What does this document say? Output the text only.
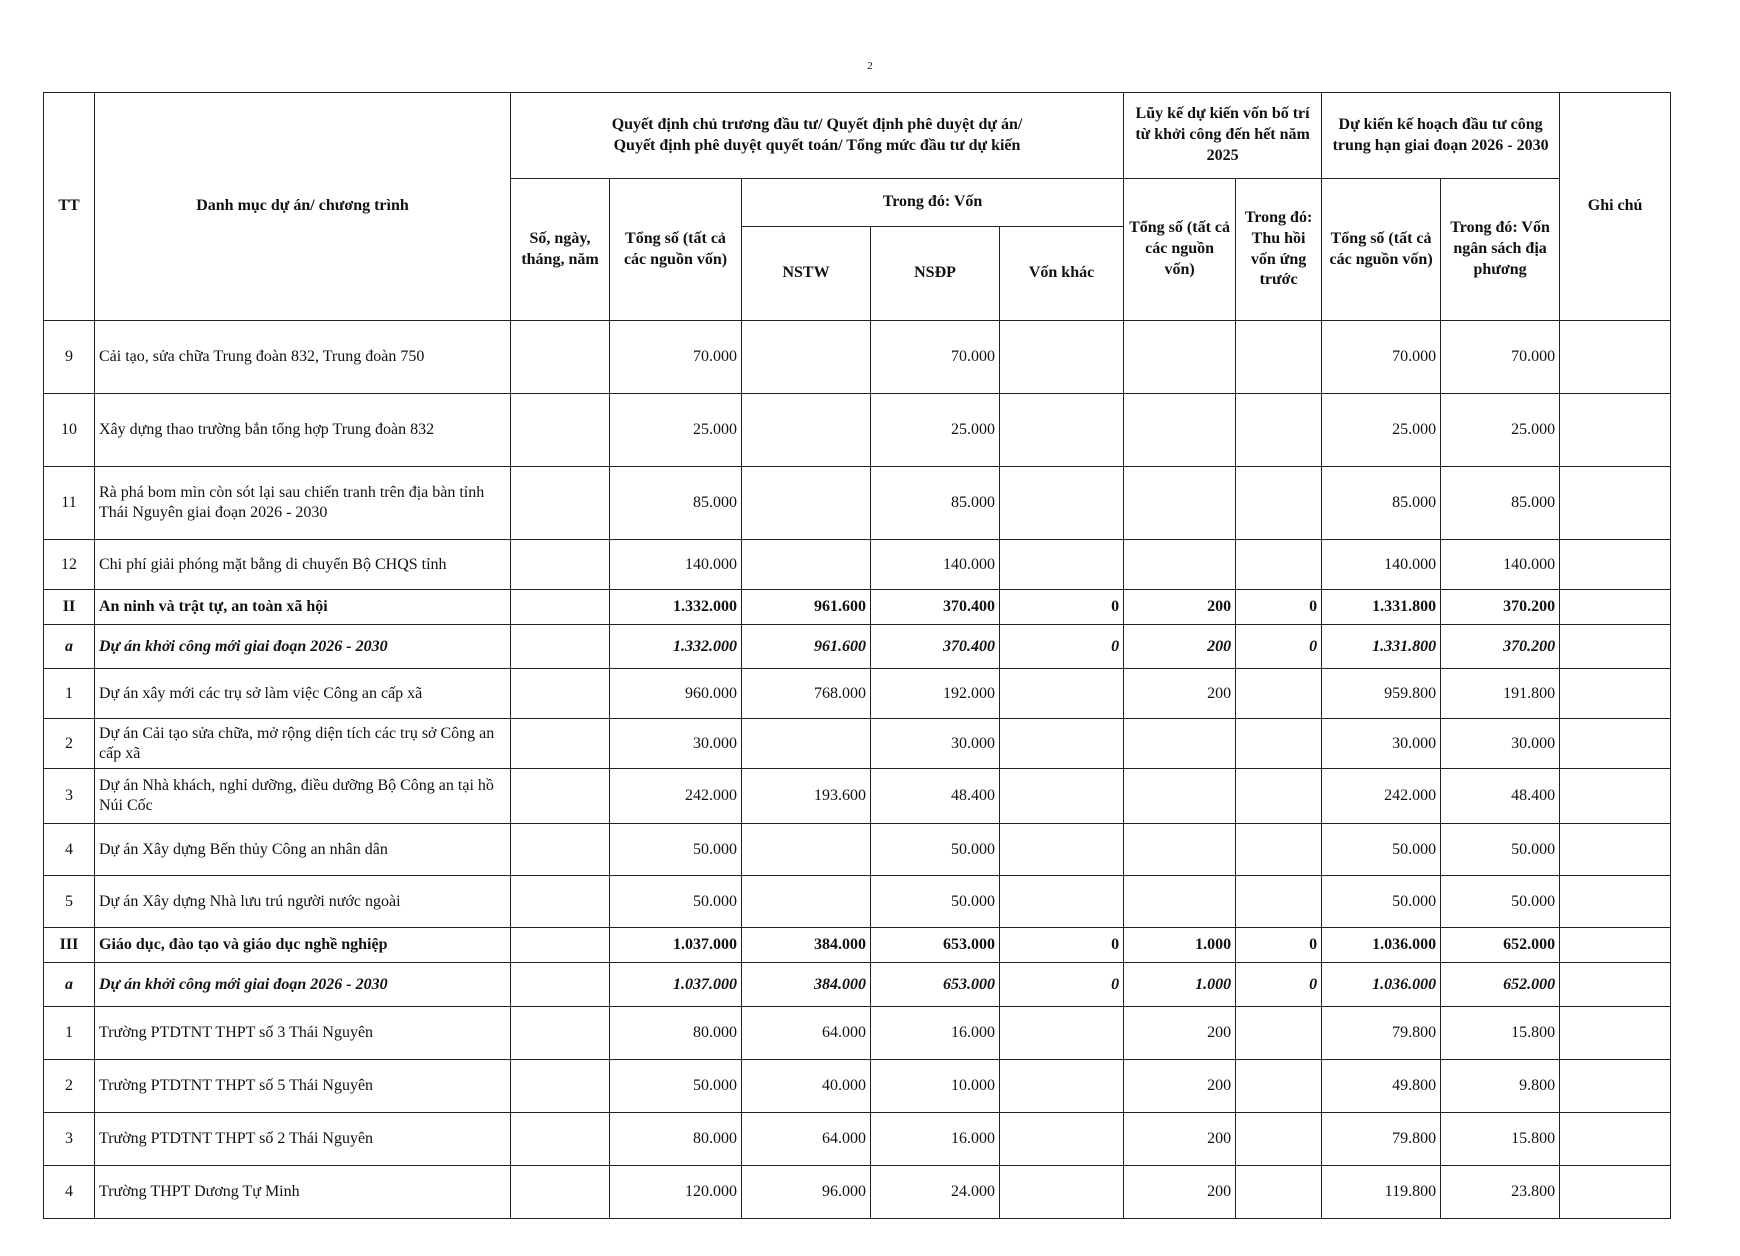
2
TT	Danh mục dự án/ chương trình	Quyết định chủ trương đầu tư/ Quyết định phê duyệt dự án/ Quyết định phê duyệt quyết toán/ Tổng mức đầu tư dự kiến					Lũy kế dự kiến vốn bố trí từ khởi công đến hết năm 2025		Dự kiến kế hoạch đầu tư công trung hạn giai đoạn 2026 - 2030		Ghi chú
		Số, ngày, tháng, năm	Tổng số (tất cả các nguồn vốn)	Trong đó: Vốn			Tổng số (tất cả các nguồn vốn)	Trong đó: Thu hồi vốn ứng trước	Tổng số (tất cả các nguồn vốn)	Trong đó: Vốn ngân sách địa phương	
				NSTW	NSĐP	Vốn khác					
9	Cải tạo, sửa chữa Trung đoàn 832, Trung đoàn 750		70.000		70.000				70.000	70.000	
10	Xây dựng thao trường bắn tổng hợp Trung đoàn 832		25.000		25.000				25.000	25.000	
11	Rà phá bom mìn còn sót lại sau chiến tranh trên địa bàn tỉnh Thái Nguyên giai đoạn 2026 - 2030		85.000		85.000				85.000	85.000	
12	Chi phí giải phóng mặt bằng di chuyển Bộ CHQS tỉnh		140.000		140.000				140.000	140.000	
II	An ninh và trật tự, an toàn xã hội		1.332.000	961.600	370.400	0	200	0	1.331.800	370.200	
a	Dự án khởi công mới giai đoạn 2026 - 2030		1.332.000	961.600	370.400	0	200	0	1.331.800	370.200	
1	Dự án xây mới các trụ sở làm việc Công an cấp xã		960.000	768.000	192.000		200		959.800	191.800	
2	Dự án Cải tạo sửa chữa, mở rộng diện tích các trụ sở Công an cấp xã		30.000		30.000				30.000	30.000	
3	Dự án Nhà khách, nghỉ dưỡng, điều dưỡng Bộ Công an tại hồ Núi Cốc		242.000	193.600	48.400				242.000	48.400	
4	Dự án Xây dựng Bến thủy Công an nhân dân		50.000		50.000				50.000	50.000	
5	Dự án Xây dựng Nhà lưu trú người nước ngoài		50.000		50.000				50.000	50.000	
III	Giáo dục, đào tạo và giáo dục nghề nghiệp		1.037.000	384.000	653.000	0	1.000	0	1.036.000	652.000	
a	Dự án khởi công mới giai đoạn 2026 - 2030		1.037.000	384.000	653.000	0	1.000	0	1.036.000	652.000	
1	Trường PTDTNT THPT số 3 Thái Nguyên		80.000	64.000	16.000		200		79.800	15.800	
2	Trường PTDTNT THPT số 5 Thái Nguyên		50.000	40.000	10.000		200		49.800	9.800	
3	Trường PTDTNT THPT số 2 Thái Nguyên		80.000	64.000	16.000		200		79.800	15.800	
4	Trường THPT Dương Tự Minh		120.000	96.000	24.000		200		119.800	23.800	
